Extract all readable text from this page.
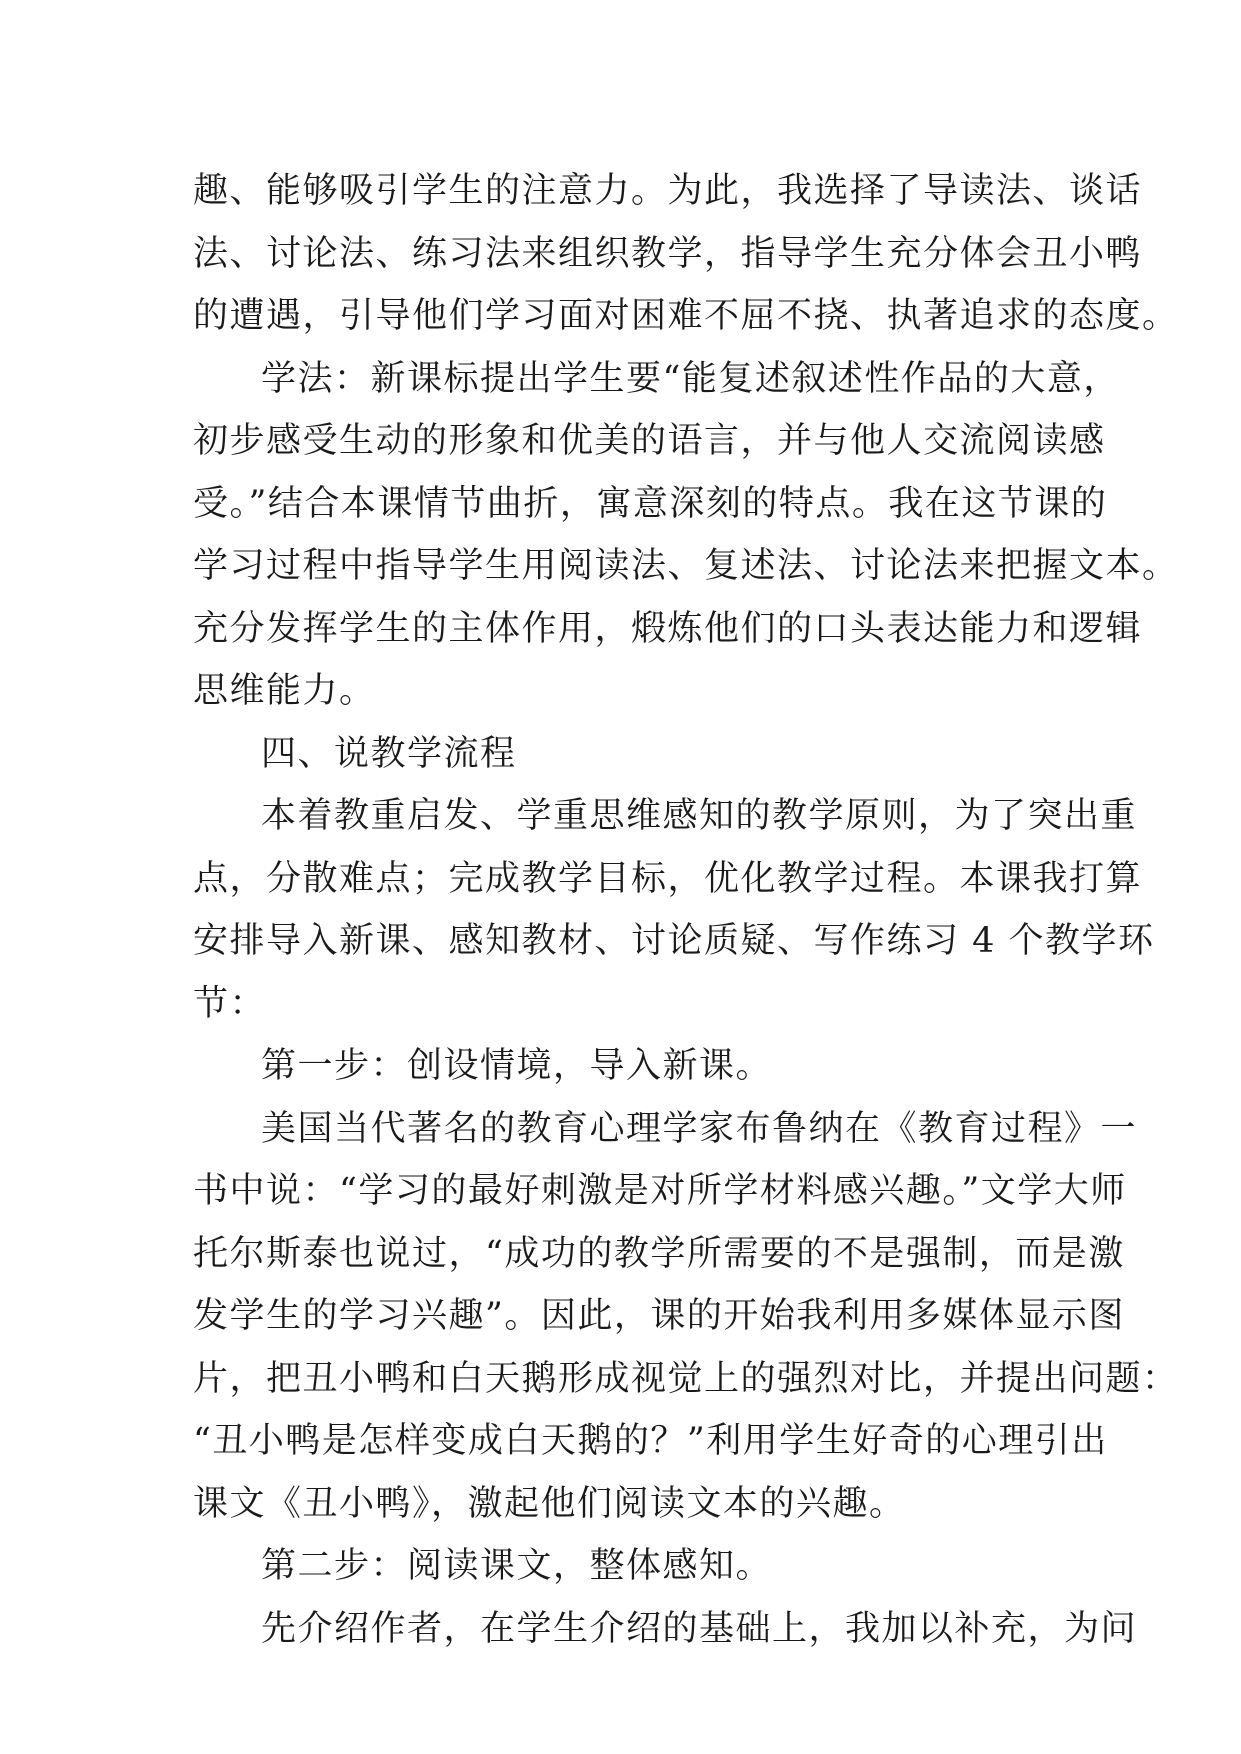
趣、能够吸引学生的注意力。为此，我选择了导读法、谈话
法、讨论法、练习法来组织教学，指导学生充分体会丑小鸭
的遭遇，引导他们学习面对困难不屈不挠、执著追求的态度。
学法：新课标提出学生要“能复述叙述性作品的大意，
初步感受生动的形象和优美的语言，并与他人交流阅读感
受。”结合本课情节曲折，寓意深刻的特点。我在这节课的
学习过程中指导学生用阅读法、复述法、讨论法来把握文本。
充分发挥学生的主体作用，煅炼他们的口头表达能力和逻辑
思维能力。
四、说教学流程
本着教重启发、学重思维感知的教学原则，为了突出重
点，分散难点；完成教学目标，优化教学过程。本课我打算
安排导入新课、感知教材、讨论质疑、写作练习 4 个教学环
节：
第一步：创设情境，导入新课。
美国当代著名的教育心理学家布鲁纳在《教育过程》一
书中说：“学习的最好刺激是对所学材料感兴趣。”文学大师
托尔斯泰也说过，“成功的教学所需要的不是强制，而是激
发学生的学习兴趣”。因此，课的开始我利用多媒体显示图
片，把丑小鸭和白天鹅形成视觉上的强烈对比，并提出问题：
“丑小鸭是怎样变成白天鹅的？”利用学生好奇的心理引出
课文《丑小鸭》，激起他们阅读文本的兴趣。
第二步：阅读课文，整体感知。
先介绍作者，在学生介绍的基础上，我加以补充，为问
